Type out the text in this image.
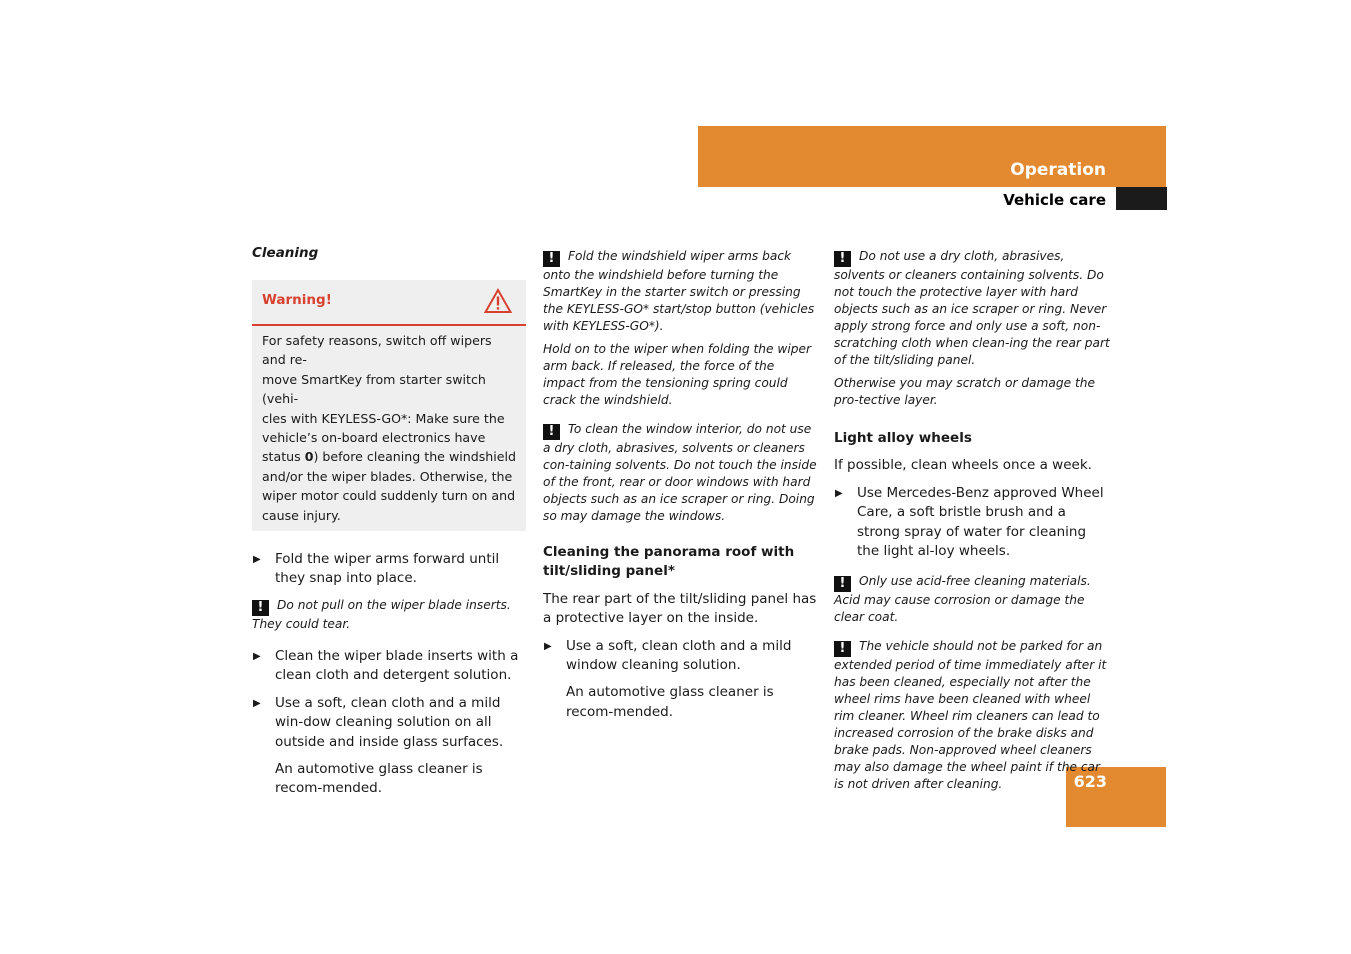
Operation
Vehicle care
623
Cleaning
Warning!
For safety reasons, switch off wipers and re-
move SmartKey from starter switch (vehi-
cles with KEYLESS-GO*: Make sure the
vehicle’s on-board electronics have
status 0) before cleaning the windshield
and/or the wiper blades. Otherwise, the
wiper motor could suddenly turn on and
cause injury.
▶ Fold the wiper arms forward until they snap into place.
! Do not pull on the wiper blade inserts. They could tear.
▶ Clean the wiper blade inserts with a clean cloth and detergent solution.
▶ Use a soft, clean cloth and a mild win-dow cleaning solution on all outside and inside glass surfaces.
An automotive glass cleaner is recom-mended.
! Fold the windshield wiper arms back onto the windshield before turning the SmartKey in the starter switch or pressing the KEYLESS-GO* start/stop button (vehicles with KEYLESS-GO*).
Hold on to the wiper when folding the wiper arm back. If released, the force of the impact from the tensioning spring could crack the windshield.
! To clean the window interior, do not use a dry cloth, abrasives, solvents or cleaners con-taining solvents. Do not touch the inside of the front, rear or door windows with hard objects such as an ice scraper or ring. Doing so may damage the windows.
Cleaning the panorama roof with tilt/sliding panel*
The rear part of the tilt/sliding panel has a protective layer on the inside.
▶ Use a soft, clean cloth and a mild window cleaning solution.
An automotive glass cleaner is recom-mended.
! Do not use a dry cloth, abrasives, solvents or cleaners containing solvents. Do not touch the protective layer with hard objects such as an ice scraper or ring. Never apply strong force and only use a soft, non-scratching cloth when clean-ing the rear part of the tilt/sliding panel.
Otherwise you may scratch or damage the pro-tective layer.
Light alloy wheels
If possible, clean wheels once a week.
▶ Use Mercedes-Benz approved Wheel Care, a soft bristle brush and a strong spray of water for cleaning the light al-loy wheels.
! Only use acid-free cleaning materials. Acid may cause corrosion or damage the clear coat.
! The vehicle should not be parked for an extended period of time immediately after it has been cleaned, especially not after the wheel rims have been cleaned with wheel rim cleaner. Wheel rim cleaners can lead to increased corrosion of the brake disks and brake pads. Non-approved wheel cleaners may also damage the wheel paint if the car is not driven after cleaning.
